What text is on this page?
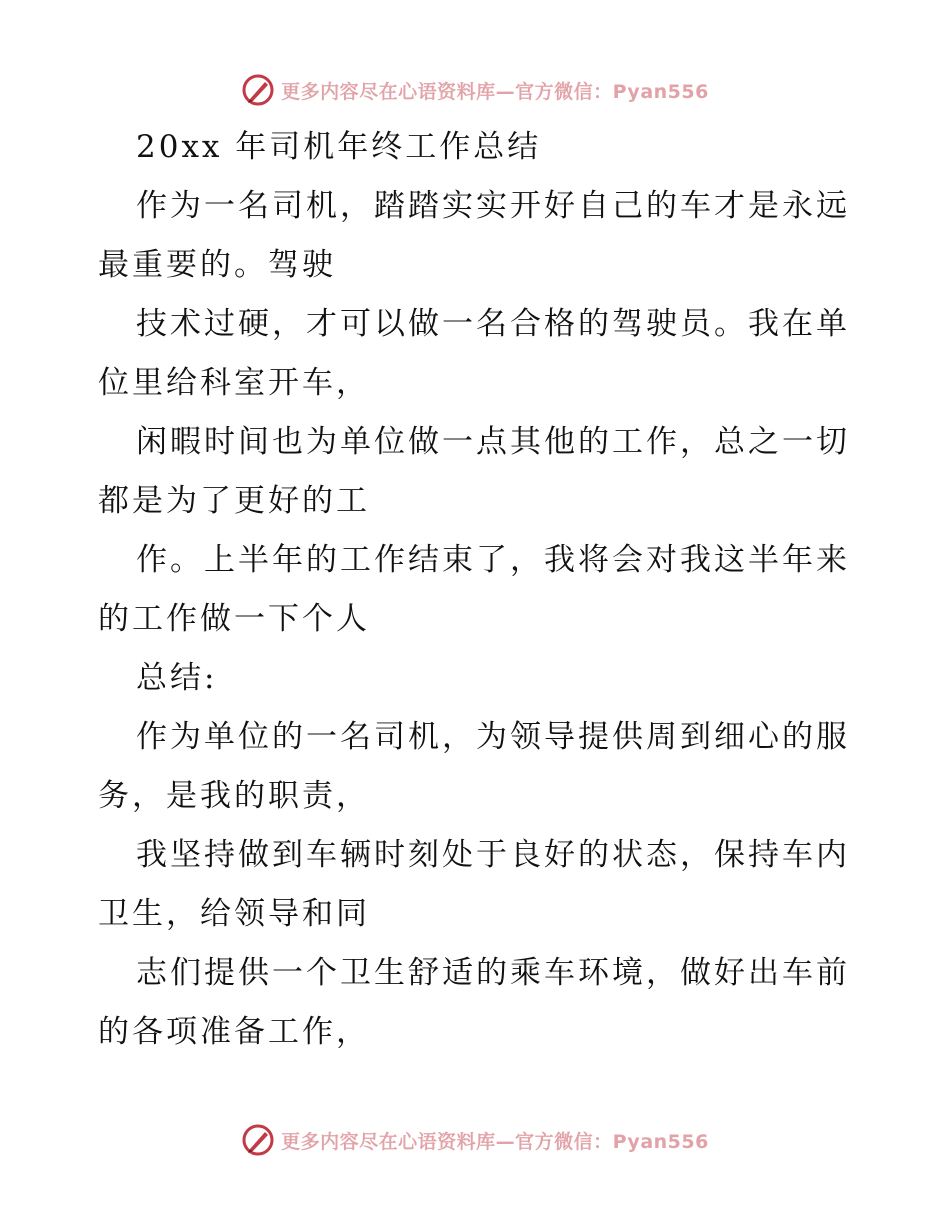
更多内容尽在心语资料库—官方微信：Pyan556
20xx 年司机年终工作总结
作为一名司机，踏踏实实开好自己的车才是永远
最重要的。驾驶
技术过硬，才可以做一名合格的驾驶员。我在单
位里给科室开车，
闲暇时间也为单位做一点其他的工作，总之一切
都是为了更好的工
作。上半年的工作结束了，我将会对我这半年来
的工作做一下个人
总结:
作为单位的一名司机，为领导提供周到细心的服
务，是我的职责，
我坚持做到车辆时刻处于良好的状态，保持车内
卫生，给领导和同
志们提供一个卫生舒适的乘车环境，做好出车前
的各项准备工作，
更多内容尽在心语资料库—官方微信：Pyan556
